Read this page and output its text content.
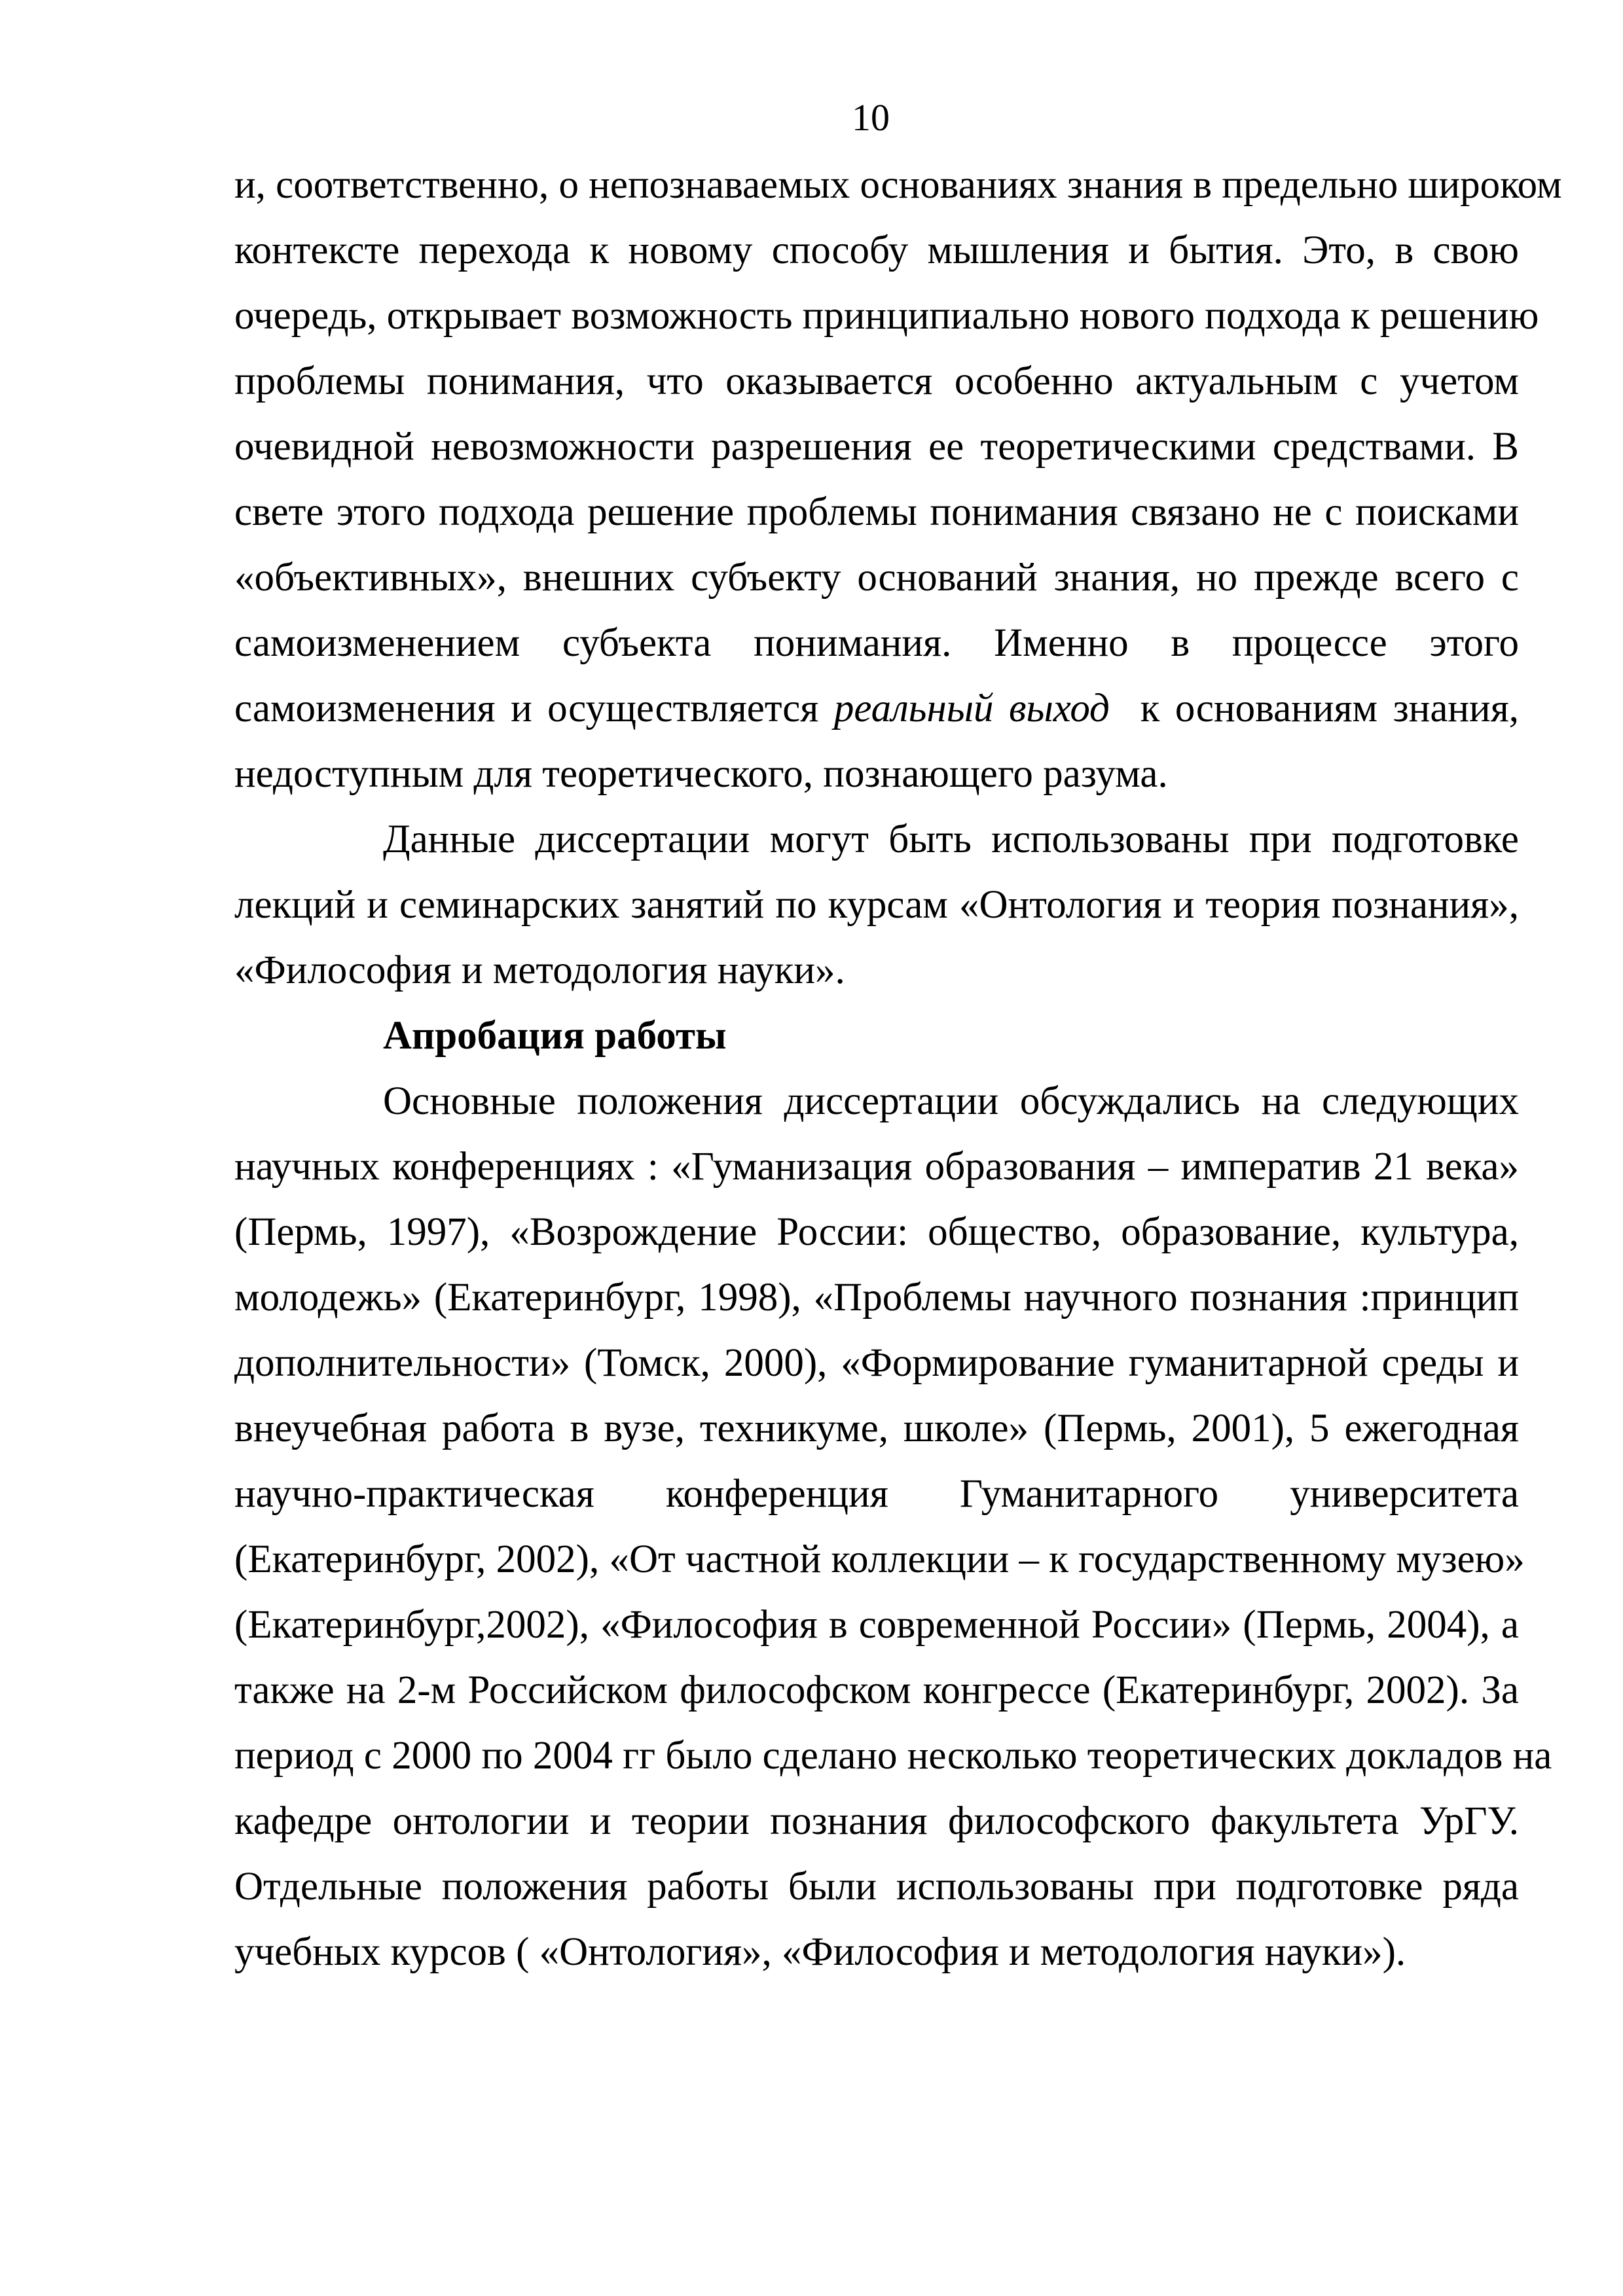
10
и, соответственно, о непознаваемых основаниях знания в предельно широком
контексте перехода к новому способу мышления и бытия. Это, в свою
очередь, открывает возможность принципиально нового подхода к решению
проблемы понимания, что оказывается особенно актуальным с учетом
очевидной невозможности разрешения ее теоретическими средствами. В
свете этого подхода решение проблемы понимания связано не с поисками
«объективных», внешних субъекту оснований знания, но прежде всего с
самоизменением субъекта понимания. Именно в процессе этого
самоизменения и осуществляется реальный выход  к основаниям знания,
недоступным для теоретического, познающего разума.
Данные диссертации могут быть использованы при подготовке
лекций и семинарских занятий по курсам «Онтология и теория познания»,
«Философия и методология науки».
Апробация работы
Основные положения диссертации обсуждались на следующих
научных конференциях : «Гуманизация образования – императив 21 века»
(Пермь, 1997), «Возрождение России: общество, образование, культура,
молодежь» (Екатеринбург, 1998), «Проблемы научного познания :принцип
дополнительности» (Томск, 2000), «Формирование гуманитарной среды и
внеучебная работа в вузе, техникуме, школе» (Пермь, 2001), 5 ежегодная
научно-практическая конференция Гуманитарного университета
(Екатеринбург, 2002), «От частной коллекции – к государственному музею»
(Екатеринбург,2002), «Философия в современной России» (Пермь, 2004), а
также на 2-м Российском философском конгрессе (Екатеринбург, 2002). За
период с 2000 по 2004 гг было сделано несколько теоретических докладов на
кафедре онтологии и теории познания философского факультета УрГУ.
Отдельные положения работы были использованы при подготовке ряда
учебных курсов ( «Онтология», «Философия и методология науки»).
